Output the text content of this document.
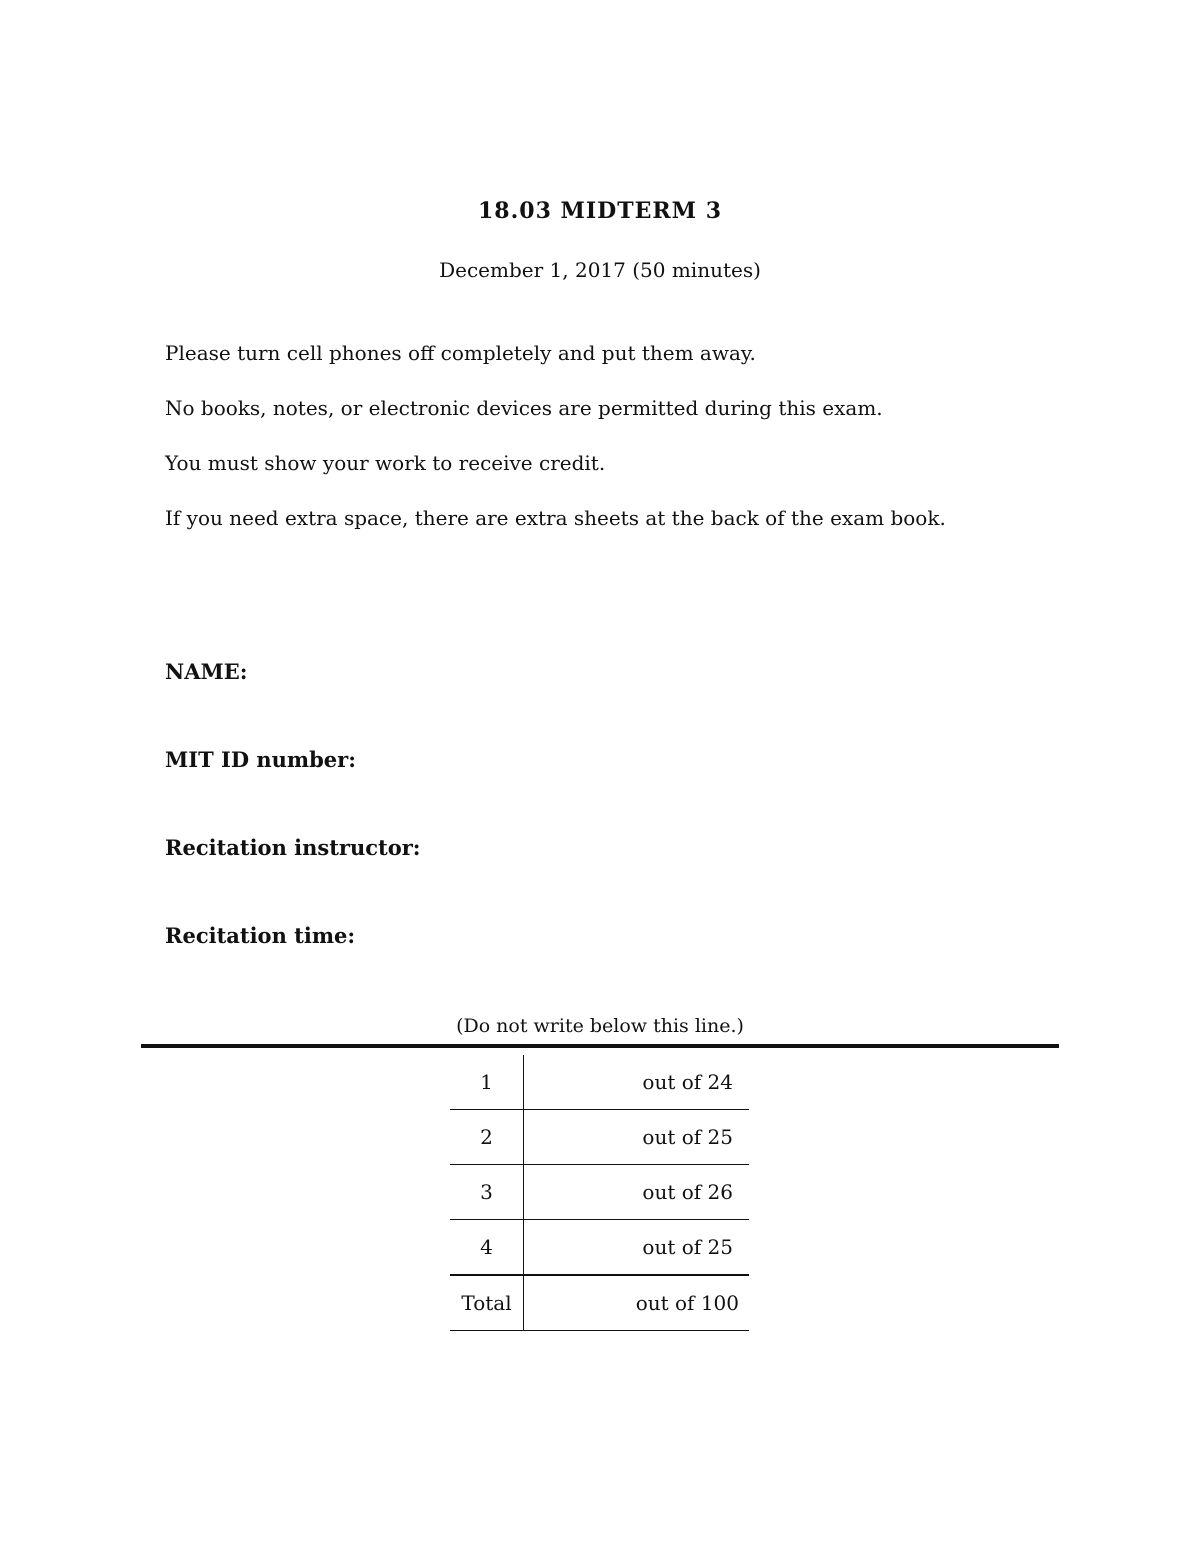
18.03 MIDTERM 3
December 1, 2017 (50 minutes)
Please turn cell phones off completely and put them away.
No books, notes, or electronic devices are permitted during this exam.
You must show your work to receive credit.
If you need extra space, there are extra sheets at the back of the exam book.
NAME:
MIT ID number:
Recitation instructor:
Recitation time:
(Do not write below this line.)
1	out of 24
2	out of 25
3	out of 26
4	out of 25
Total	out of 100
